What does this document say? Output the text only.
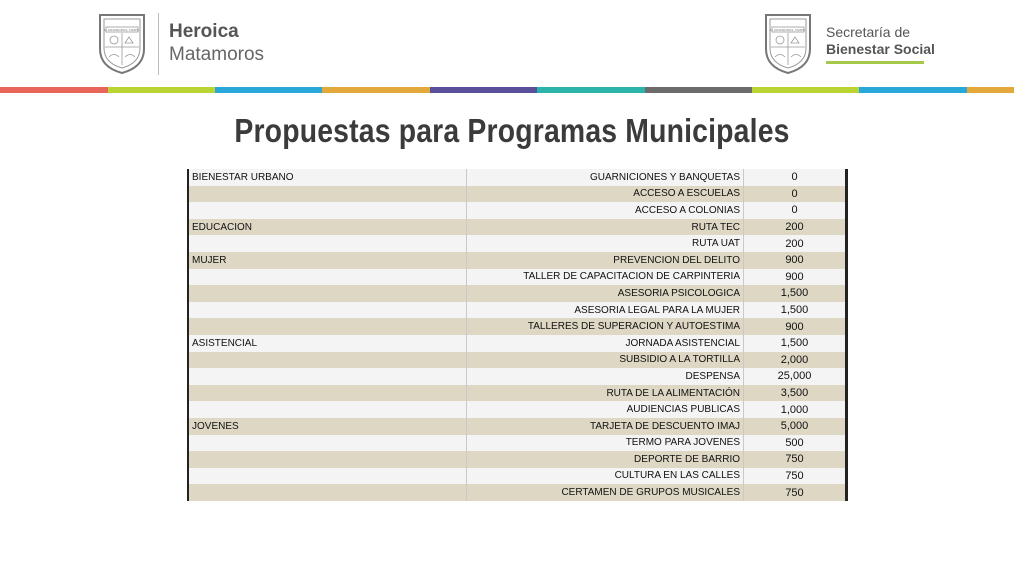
H. MATAMOROS, TAMPS. Heroica
Matamoros
H. MATAMOROS, TAMPS. Secretaría de
Bienestar Social
Propuestas para Programas Municipales
BIENESTAR URBANO	GUARNICIONES Y BANQUETAS	0
	ACCESO A ESCUELAS	0
	ACCESO A COLONIAS	0
EDUCACION	RUTA TEC	200
	RUTA UAT	200
MUJER	PREVENCION DEL DELITO	900
	TALLER DE CAPACITACION DE CARPINTERIA	900
	ASESORIA PSICOLOGICA	1,500
	ASESORIA LEGAL PARA LA MUJER	1,500
	TALLERES DE SUPERACION Y AUTOESTIMA	900
ASISTENCIAL	JORNADA ASISTENCIAL	1,500
	SUBSIDIO A LA TORTILLA	2,000
	DESPENSA	25,000
	RUTA DE LA ALIMENTACIÓN	3,500
	AUDIENCIAS PUBLICAS	1,000
JOVENES	TARJETA DE DESCUENTO IMAJ	5,000
	TERMO PARA JOVENES	500
	DEPORTE DE BARRIO	750
	CULTURA EN LAS CALLES	750
	CERTAMEN DE GRUPOS MUSICALES	750
